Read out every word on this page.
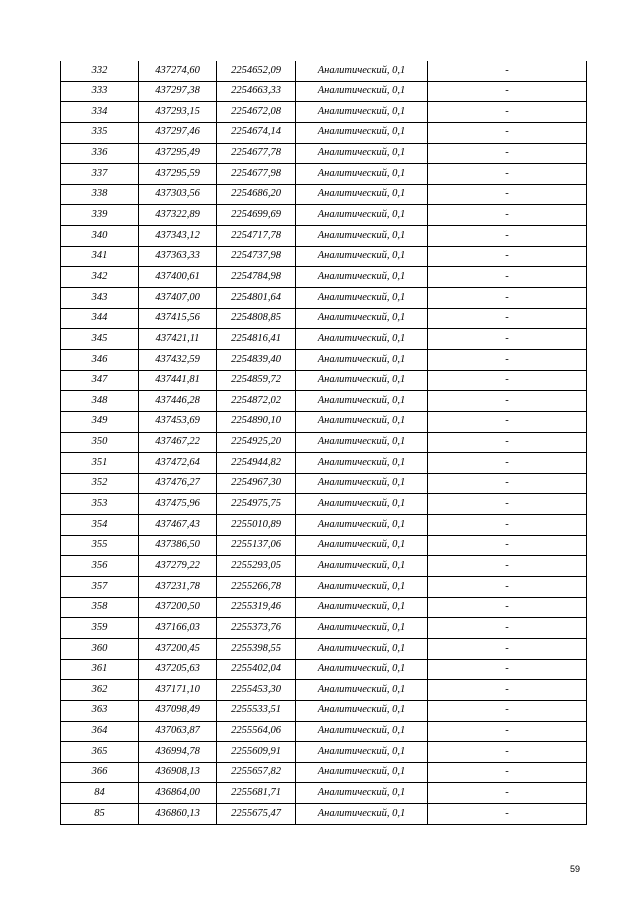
332	437274,60	2254652,09	Аналитический, 0,1	-
333	437297,38	2254663,33	Аналитический, 0,1	-
334	437293,15	2254672,08	Аналитический, 0,1	-
335	437297,46	2254674,14	Аналитический, 0,1	-
336	437295,49	2254677,78	Аналитический, 0,1	-
337	437295,59	2254677,98	Аналитический, 0,1	-
338	437303,56	2254686,20	Аналитический, 0,1	-
339	437322,89	2254699,69	Аналитический, 0,1	-
340	437343,12	2254717,78	Аналитический, 0,1	-
341	437363,33	2254737,98	Аналитический, 0,1	-
342	437400,61	2254784,98	Аналитический, 0,1	-
343	437407,00	2254801,64	Аналитический, 0,1	-
344	437415,56	2254808,85	Аналитический, 0,1	-
345	437421,11	2254816,41	Аналитический, 0,1	-
346	437432,59	2254839,40	Аналитический, 0,1	-
347	437441,81	2254859,72	Аналитический, 0,1	-
348	437446,28	2254872,02	Аналитический, 0,1	-
349	437453,69	2254890,10	Аналитический, 0,1	-
350	437467,22	2254925,20	Аналитический, 0,1	-
351	437472,64	2254944,82	Аналитический, 0,1	-
352	437476,27	2254967,30	Аналитический, 0,1	-
353	437475,96	2254975,75	Аналитический, 0,1	-
354	437467,43	2255010,89	Аналитический, 0,1	-
355	437386,50	2255137,06	Аналитический, 0,1	-
356	437279,22	2255293,05	Аналитический, 0,1	-
357	437231,78	2255266,78	Аналитический, 0,1	-
358	437200,50	2255319,46	Аналитический, 0,1	-
359	437166,03	2255373,76	Аналитический, 0,1	-
360	437200,45	2255398,55	Аналитический, 0,1	-
361	437205,63	2255402,04	Аналитический, 0,1	-
362	437171,10	2255453,30	Аналитический, 0,1	-
363	437098,49	2255533,51	Аналитический, 0,1	-
364	437063,87	2255564,06	Аналитический, 0,1	-
365	436994,78	2255609,91	Аналитический, 0,1	-
366	436908,13	2255657,82	Аналитический, 0,1	-
84	436864,00	2255681,71	Аналитический, 0,1	-
85	436860,13	2255675,47	Аналитический, 0,1	-
59
